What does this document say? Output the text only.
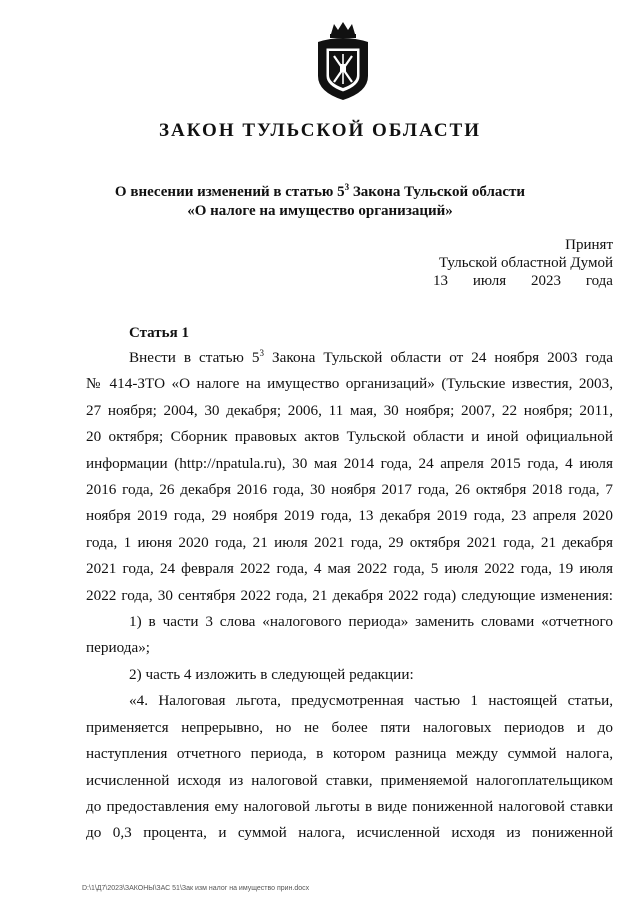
ЗАКОН ТУЛЬСКОЙ ОБЛАСТИ
О внесении изменений в статью $5^3$ Закона Тульской области
«О налоге на имущество организаций»
Принят
Тульской областной Думой
13 июля 2023 года
Статья 1

Внести в статью $5^3$ Закона Тульской области от 24 ноября 2003 года

№ 414-ЗТО «О налоге на имущество организаций» (Тульские известия, 2003,

27 ноября; 2004, 30 декабря; 2006, 11 мая, 30 ноября; 2007, 22 ноября; 2011,

20 октября; Сборник правовых актов Тульской области и иной официальной

информации (http://npatula.ru), 30 мая 2014 года, 24 апреля 2015 года, 4 июля

2016 года, 26 декабря 2016 года, 30 ноября 2017 года, 26 октября 2018 года, 7

ноября 2019 года, 29 ноября 2019 года, 13 декабря 2019 года, 23 апреля 2020

года, 1 июня 2020 года, 21 июля 2021 года, 29 октября 2021 года, 21 декабря

2021 года, 24 февраля 2022 года, 4 мая 2022 года, 5 июля 2022 года, 19 июля

2022 года, 30 сентября 2022 года, 21 декабря 2022 года) следующие изменения:

1) в части 3 слова «налогового периода» заменить словами «отчетного

периода»;

2) часть 4 изложить в следующей редакции:

«4. Налоговая льгота, предусмотренная частью 1 настоящей статьи,

применяется непрерывно, но не более пяти налоговых периодов и до

наступления отчетного периода, в котором разница между суммой налога,

исчисленной исходя из налоговой ставки, применяемой налогоплательщиком

до предоставления ему налоговой льготы в виде пониженной налоговой ставки

до 0,3 процента, и суммой налога, исчисленной исходя из пониженной

D:\1\Д7\2023\ЗАКОНЫ\ЗАС 51\Зак изм налог на имущество прин.docx
